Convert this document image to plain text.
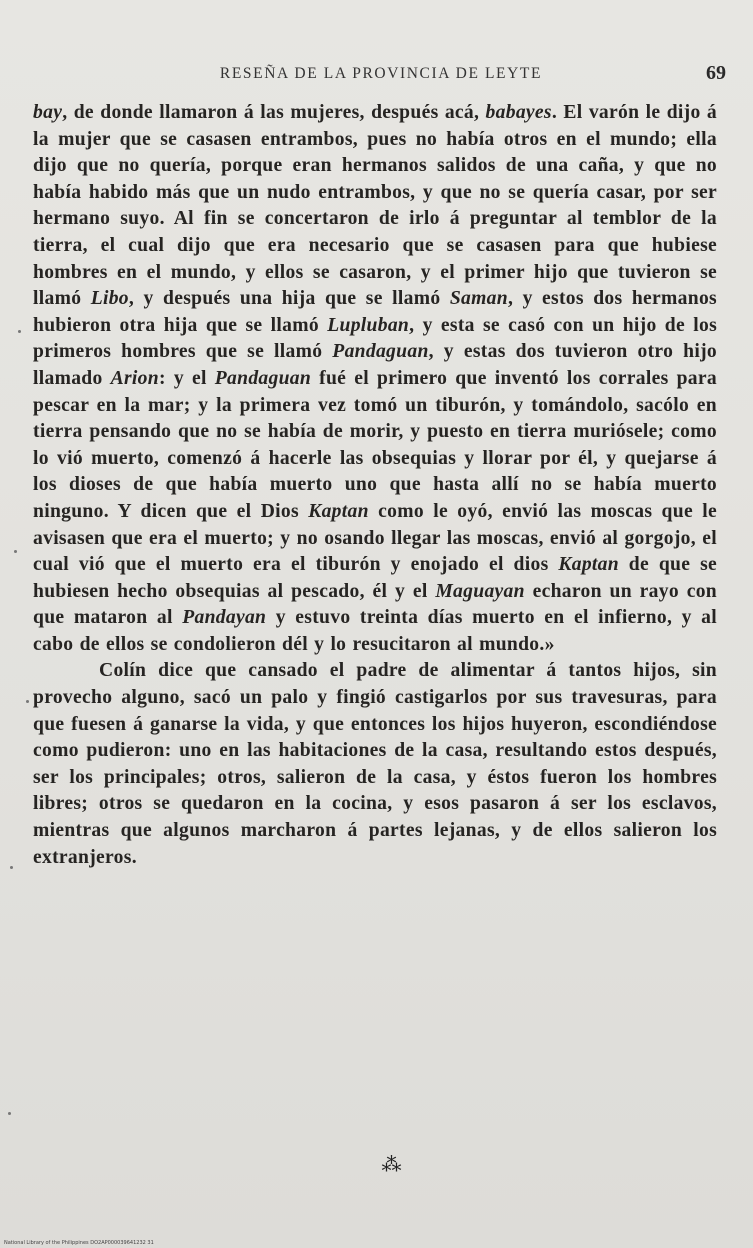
RESEÑA DE LA PROVINCIA DE LEYTE	69

bay, de donde llamaron á las mujeres, después acá, babayes. El varón le dijo á la mujer que se casasen entrambos, pues no había otros en el mundo; ella dijo que no quería, porque eran hermanos salidos de una caña, y que no había habido más que un nudo entrambos, y que no se quería casar, por ser hermano suyo. Al fin se concertaron de irlo á preguntar al temblor de la tierra, el cual dijo que era necesario que se casasen para que hubiese hombres en el mundo, y ellos se casaron, y el primer hijo que tuvieron se llamó Libo, y después una hija que se llamó Saman, y estos dos hermanos hubieron otra hija que se llamó Lupluban, y esta se casó con un hijo de los primeros hombres que se llamó Pandaguan, y estas dos tuvieron otro hijo llamado Arion: y el Pandaguan fué el primero que inventó los corrales para pescar en la mar; y la primera vez tomó un tiburón, y tomándolo, sacólo en tierra pensando que no se había de morir, y puesto en tierra muriósele; como lo vió muerto, comenzó á hacerle las obsequias y llorar por él, y quejarse á los dioses de que había muerto uno que hasta allí no se había muerto ninguno. Y dicen que el Dios Kaptan como le oyó, envió las moscas que le avisasen que era el muerto; y no osando llegar las moscas, envió al gorgojo, el cual vió que el muerto era el tiburón y enojado el dios Kaptan de que se hubiesen hecho obsequias al pescado, él y el Maguayan echaron un rayo con que mataron al Pandayan y estuvo treinta días muerto en el infierno, y al cabo de ellos se condolieron dél y lo resucitaron al mundo.»

Colín dice que cansado el padre de alimentar á tantos hijos, sin provecho alguno, sacó un palo y fingió castigarlos por sus travesuras, para que fuesen á ganarse la vida, y que entonces los hijos huyeron, escondiéndose como pudieron: uno en las habitaciones de la casa, resultando estos después, ser los principales; otros, salieron de la casa, y éstos fueron los hombres libres; otros se quedaron en la cocina, y esos pasaron á ser los esclavos, mientras que algunos marcharon á partes lejanas, y de ellos salieron los extranjeros.

⁂
National Library of the Philippines DO2AP000039641232 31
